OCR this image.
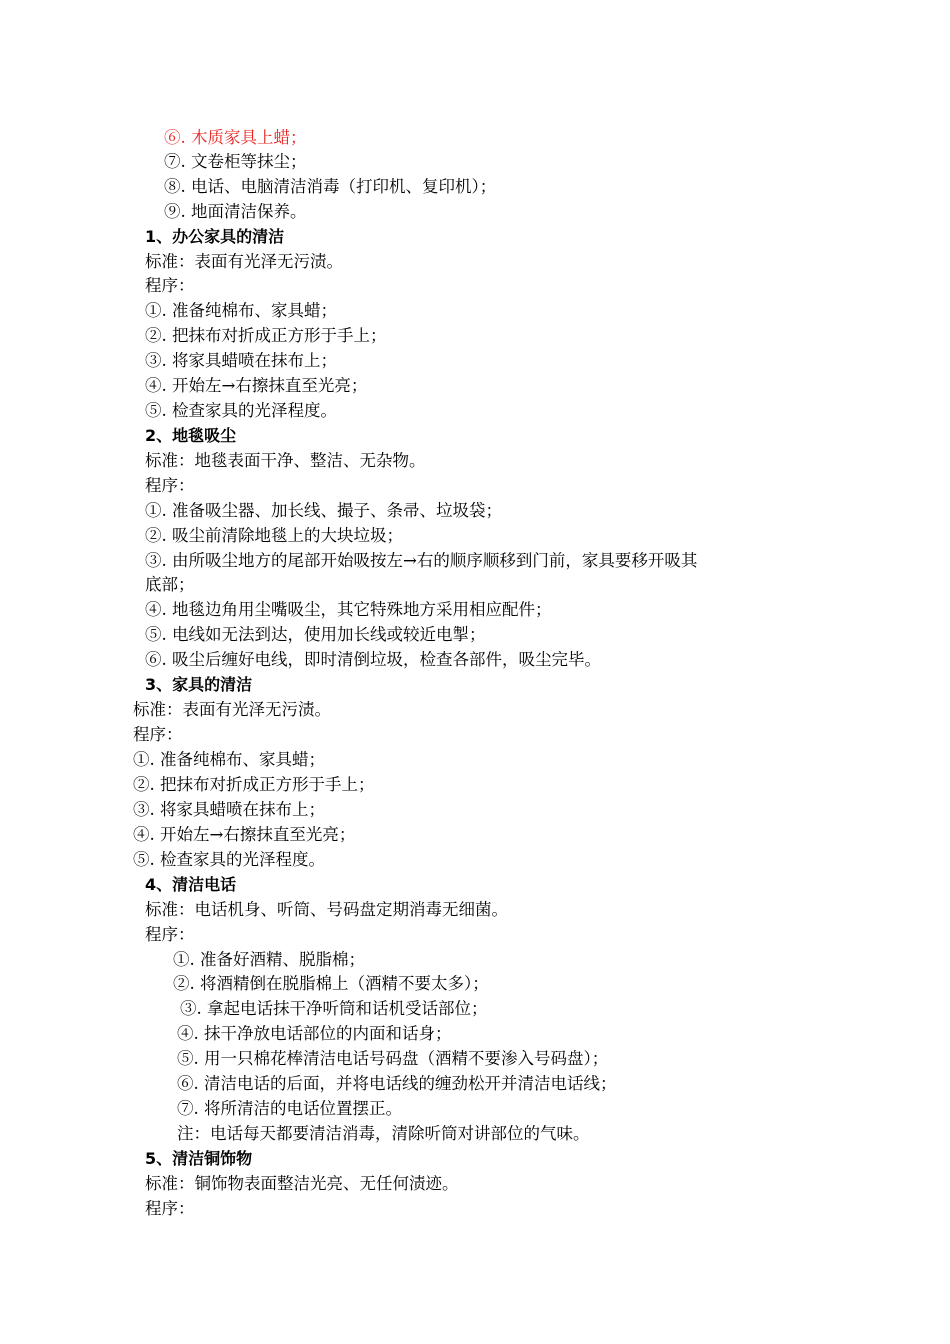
⑥. 木质家具上蜡；
⑦. 文卷柜等抹尘；
⑧. 电话、电脑清洁消毒（打印机、复印机）；
⑨. 地面清洁保养。
1、办公家具的清洁
标准：表面有光泽无污渍。
程序：
①. 准备纯棉布、家具蜡；
②. 把抹布对折成正方形于手上；
③. 将家具蜡喷在抹布上；
④. 开始左→右擦抹直至光亮；
⑤. 检查家具的光泽程度。
2、地毯吸尘
标准：地毯表面干净、整洁、无杂物。
程序：
①. 准备吸尘器、加长线、撮子、条帚、垃圾袋；
②. 吸尘前清除地毯上的大块垃圾；
③. 由所吸尘地方的尾部开始吸按左→右的顺序顺移到门前，家具要移开吸其
底部；
④. 地毯边角用尘嘴吸尘，其它特殊地方采用相应配件；
⑤. 电线如无法到达，使用加长线或较近电掣；
⑥. 吸尘后缠好电线，即时清倒垃圾，检查各部件，吸尘完毕。
3、家具的清洁
标准：表面有光泽无污渍。
程序：
①. 准备纯棉布、家具蜡；
②. 把抹布对折成正方形于手上；
③. 将家具蜡喷在抹布上；
④. 开始左→右擦抹直至光亮；
⑤. 检查家具的光泽程度。
4、清洁电话
标准：电话机身、听筒、号码盘定期消毒无细菌。
程序：
①. 准备好酒精、脱脂棉；
②. 将酒精倒在脱脂棉上（酒精不要太多）；
③. 拿起电话抹干净听筒和话机受话部位；
④. 抹干净放电话部位的内面和话身；
⑤. 用一只棉花棒清洁电话号码盘（酒精不要渗入号码盘）；
⑥. 清洁电话的后面，并将电话线的缠劲松开并清洁电话线；
⑦. 将所清洁的电话位置摆正。
注：电话每天都要清洁消毒，清除听筒对讲部位的气味。
5、清洁铜饰物
标准：铜饰物表面整洁光亮、无任何渍迹。
程序：
